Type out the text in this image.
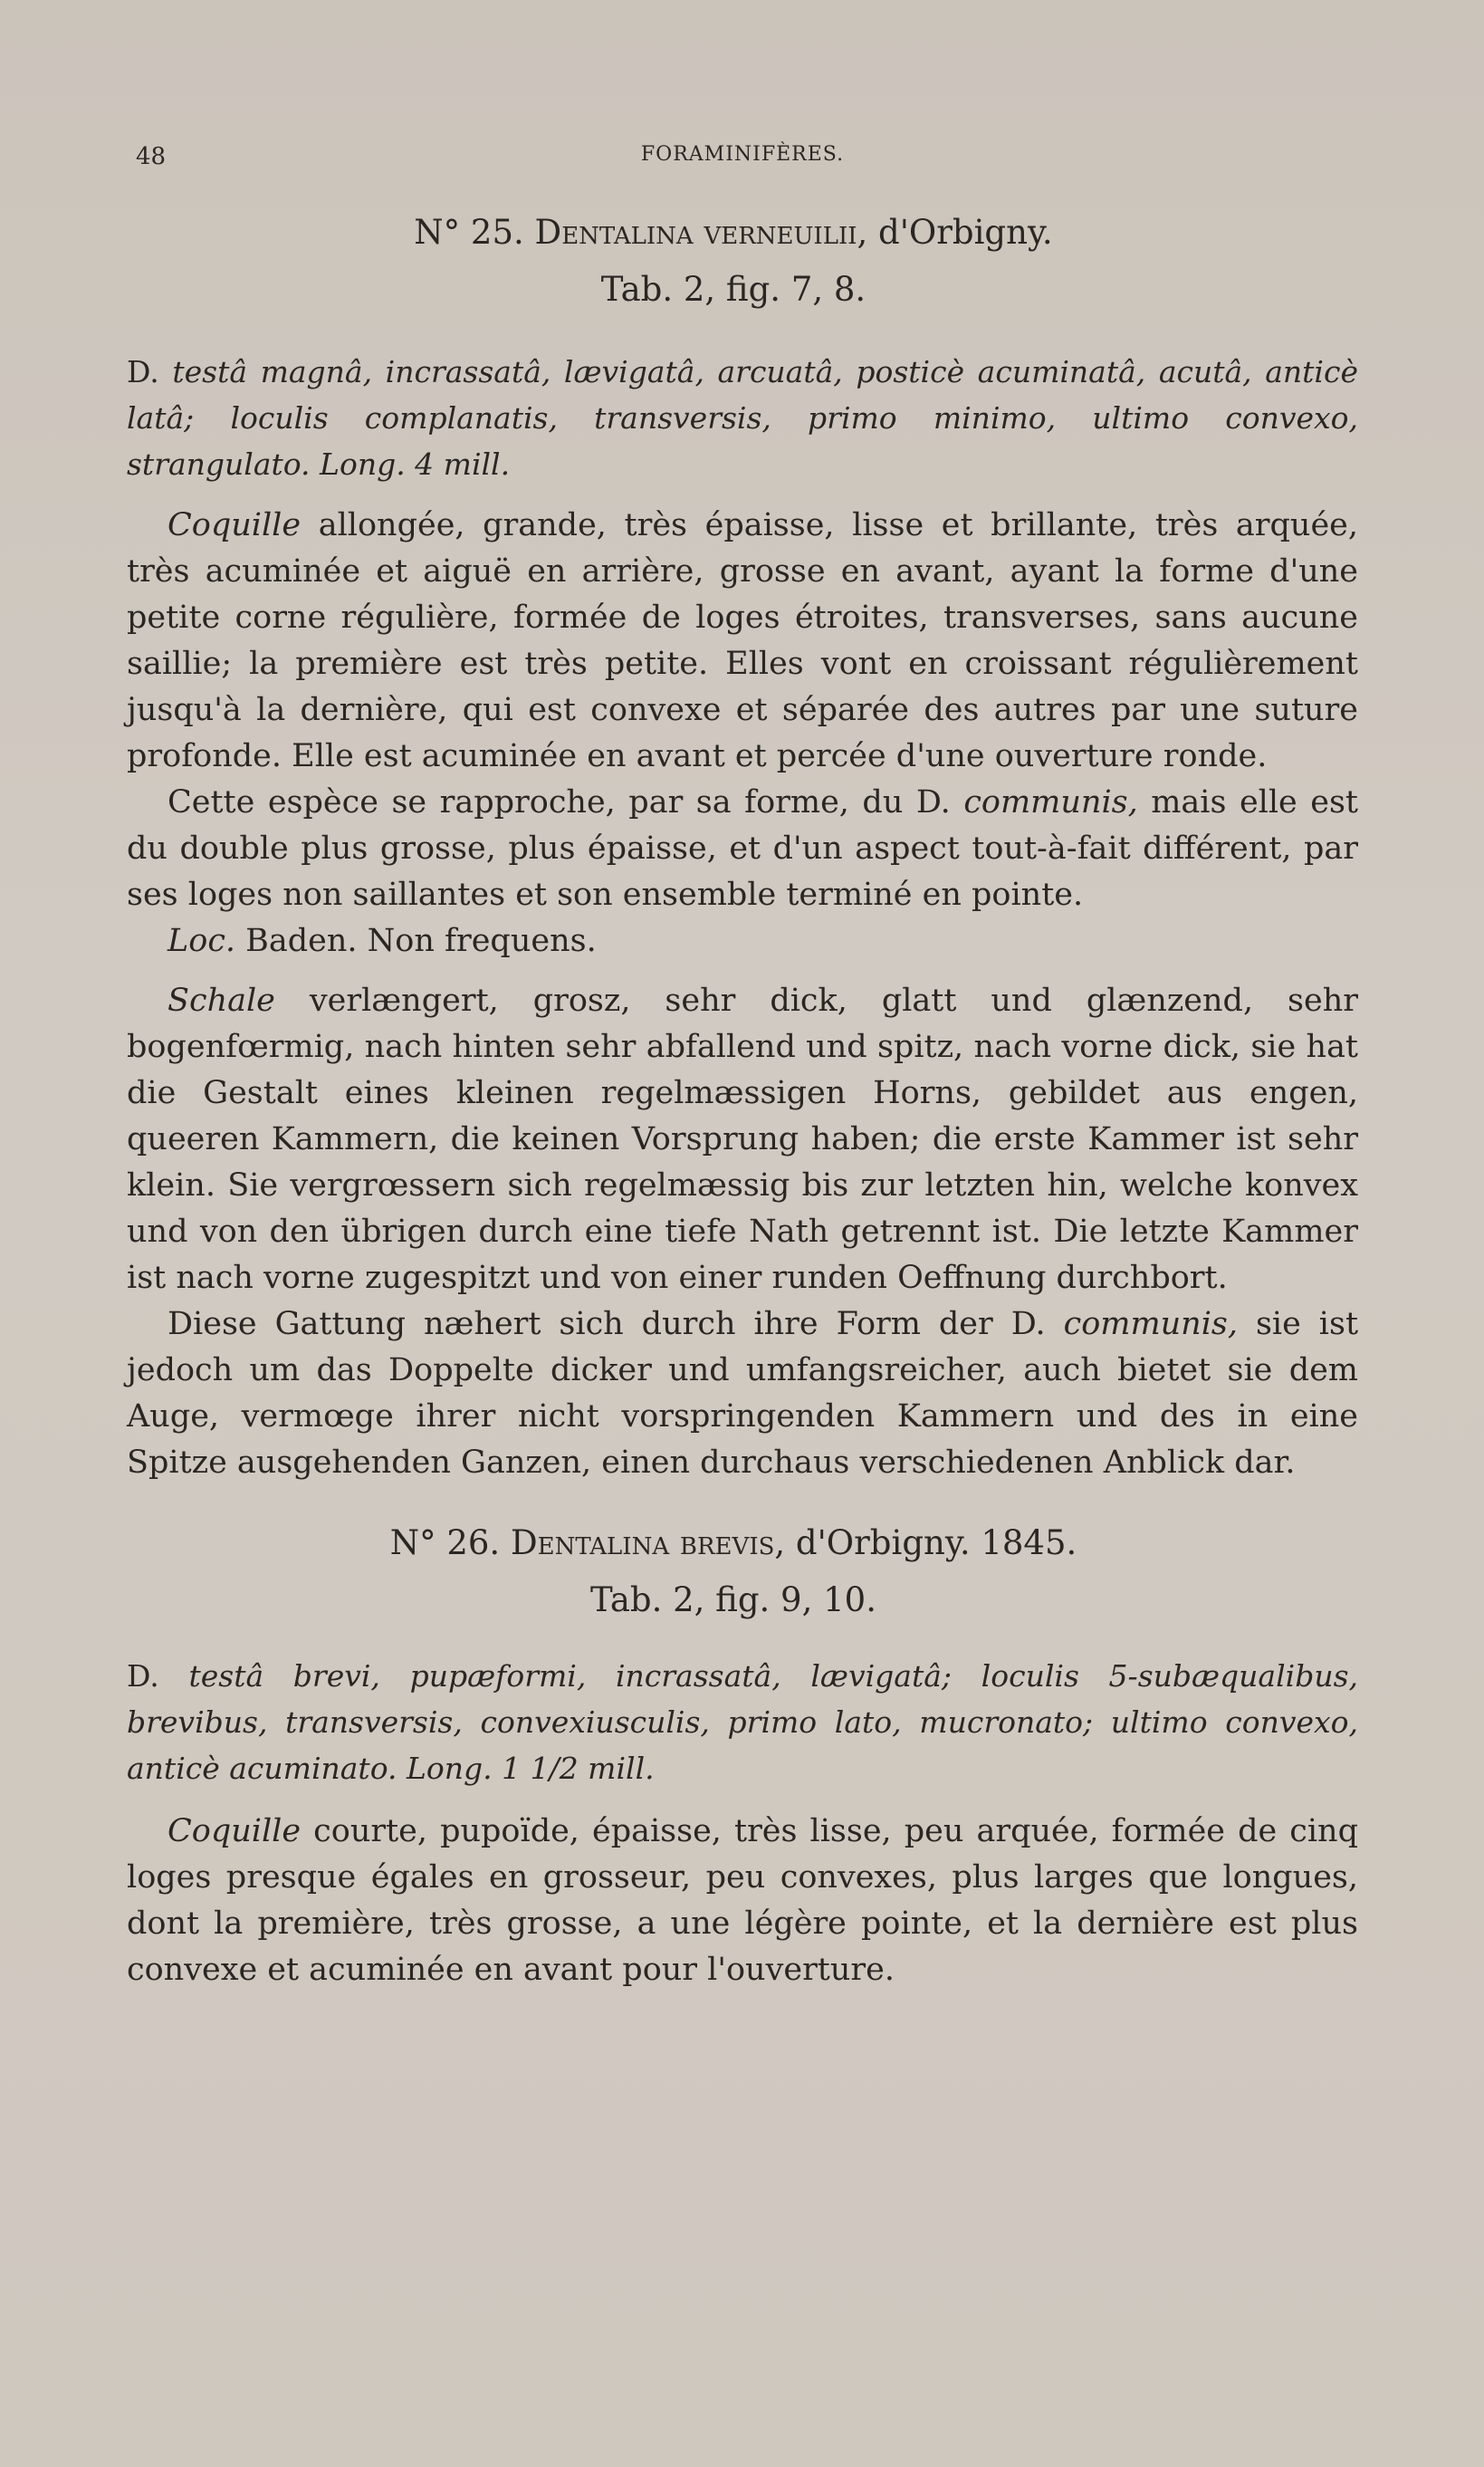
48	FORAMINIFÈRES.
N° 25. Dentalina verneuilii, d'Orbigny.
Tab. 2, fig. 7, 8.

D. testâ magnâ, incrassatâ, lævigatâ, arcuatâ, posticè acuminatâ, acutâ, anticè latâ; loculis complanatis, transversis, primo minimo, ultimo convexo, strangulato. Long. 4 mill.

Coquille allongée, grande, très épaisse, lisse et brillante, très arquée, très acuminée et aiguë en arrière, grosse en avant, ayant la forme d'une petite corne régulière, formée de loges étroites, transverses, sans aucune saillie; la première est très petite. Elles vont en croissant régulièrement jusqu'à la dernière, qui est convexe et séparée des autres par une suture profonde. Elle est acuminée en avant et percée d'une ouverture ronde.

Cette espèce se rapproche, par sa forme, du D. communis, mais elle est du double plus grosse, plus épaisse, et d'un aspect tout-à-fait différent, par ses loges non saillantes et son ensemble terminé en pointe.

Loc. Baden. Non frequens.

Schale verlængert, grosz, sehr dick, glatt und glænzend, sehr bogenfœrmig, nach hinten sehr abfallend und spitz, nach vorne dick, sie hat die Gestalt eines kleinen regelmæssigen Horns, gebildet aus engen, queeren Kammern, die keinen Vorsprung haben; die erste Kammer ist sehr klein. Sie vergrœssern sich regelmæssig bis zur letzten hin, welche konvex und von den übrigen durch eine tiefe Nath getrennt ist. Die letzte Kammer ist nach vorne zugespitzt und von einer runden Oeffnung durchbort.

Diese Gattung næhert sich durch ihre Form der D. communis, sie ist jedoch um das Doppelte dicker und umfangsreicher, auch bietet sie dem Auge, vermœge ihrer nicht vorspringenden Kammern und des in eine Spitze ausgehenden Ganzen, einen durchaus verschiedenen Anblick dar.

N° 26. Dentalina brevis, d'Orbigny. 1845.
Tab. 2, fig. 9, 10.

D. testâ brevi, pupæformi, incrassatâ, lævigatâ; loculis 5-subæqualibus, brevibus, transversis, convexiusculis, primo lato, mucronato; ultimo convexo, anticè acuminato. Long. 1 1/2 mill.

Coquille courte, pupoïde, épaisse, très lisse, peu arquée, formée de cinq loges presque égales en grosseur, peu convexes, plus larges que longues, dont la première, très grosse, a une légère pointe, et la dernière est plus convexe et acuminée en avant pour l'ouverture.
